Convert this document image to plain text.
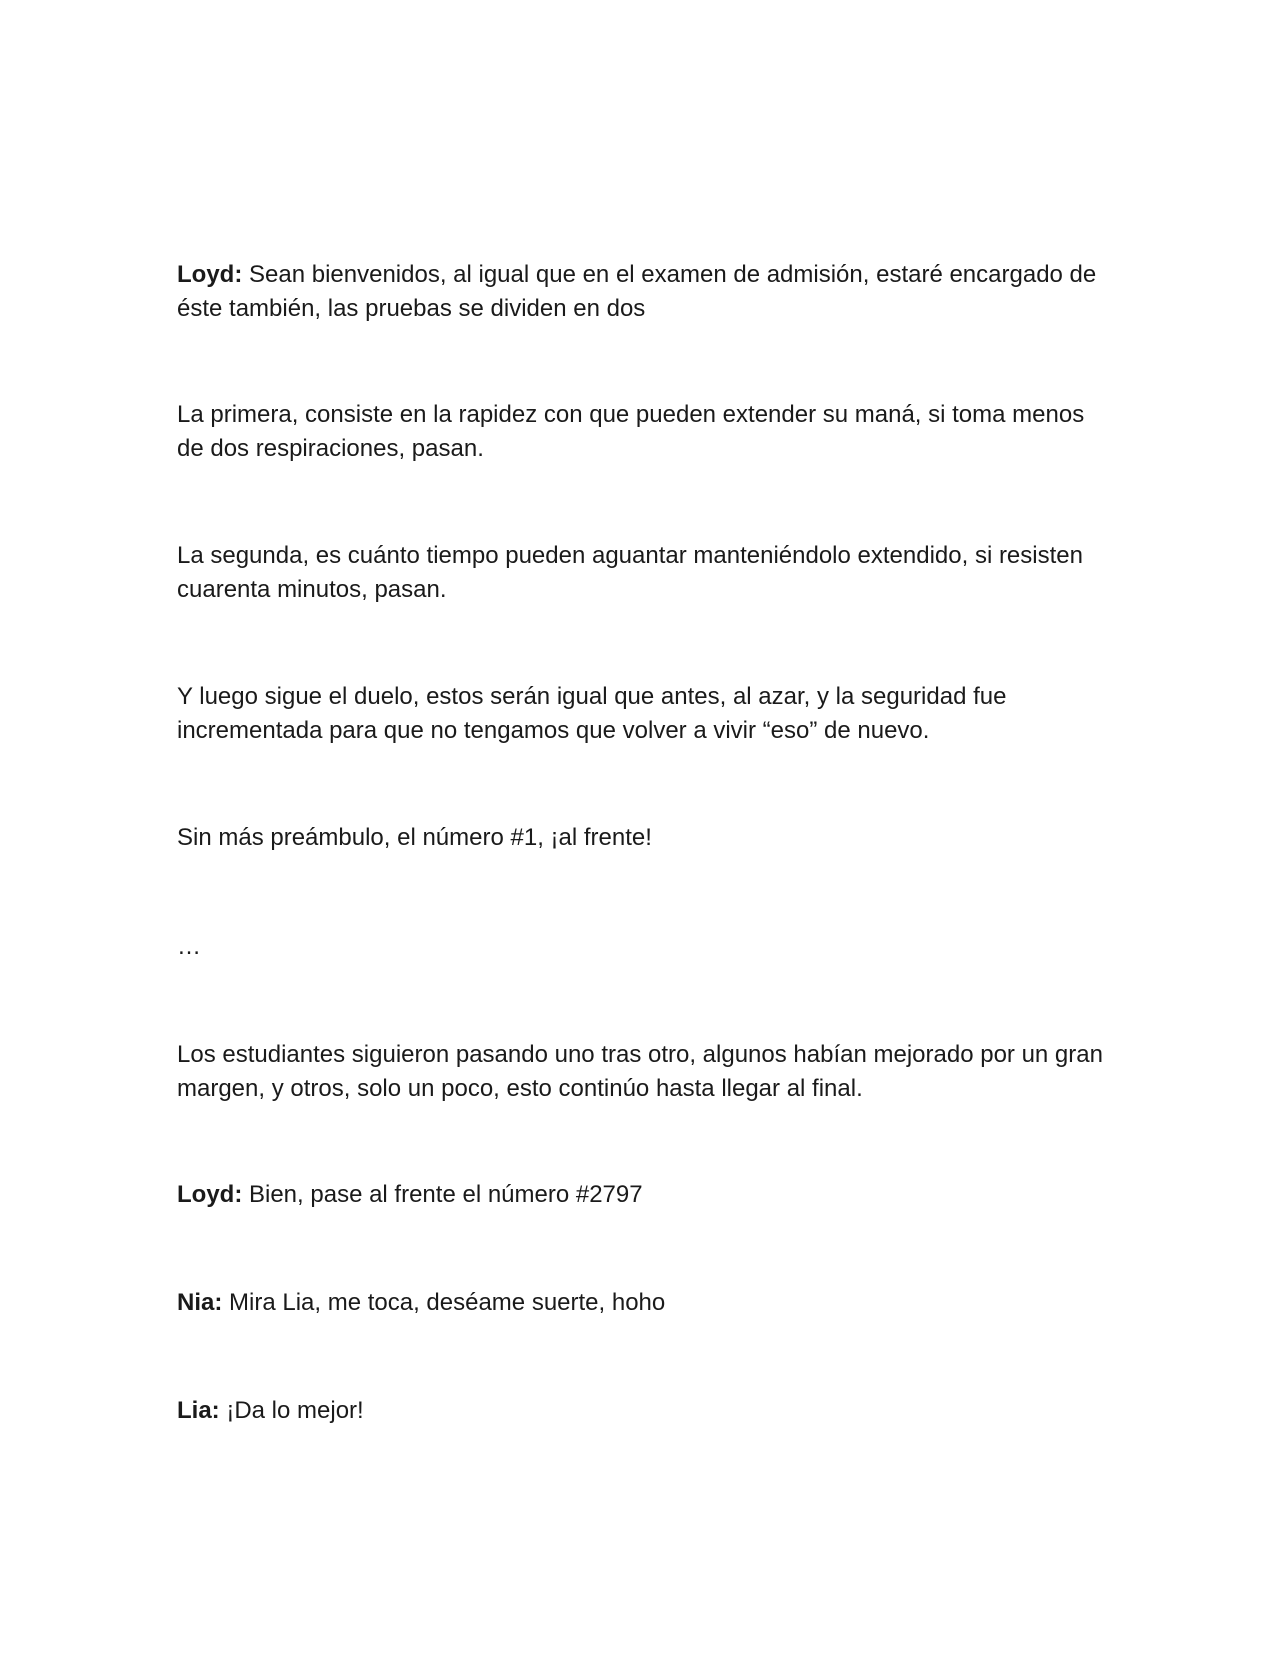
Loyd: Sean bienvenidos, al igual que en el examen de admisión, estaré encargado de éste también, las pruebas se dividen en dos

La primera, consiste en la rapidez con que pueden extender su maná, si toma menos de dos respiraciones, pasan.

La segunda, es cuánto tiempo pueden aguantar manteniéndolo extendido, si resisten cuarenta minutos, pasan.

Y luego sigue el duelo, estos serán igual que antes, al azar, y la seguridad fue incrementada para que no tengamos que volver a vivir “eso” de nuevo.

Sin más preámbulo, el número #1, ¡al frente!

…

Los estudiantes siguieron pasando uno tras otro, algunos habían mejorado por un gran margen, y otros, solo un poco, esto continúo hasta llegar al final.

Loyd: Bien, pase al frente el número #2797

Nia: Mira Lia, me toca, deséame suerte, hoho

Lia: ¡Da lo mejor!
